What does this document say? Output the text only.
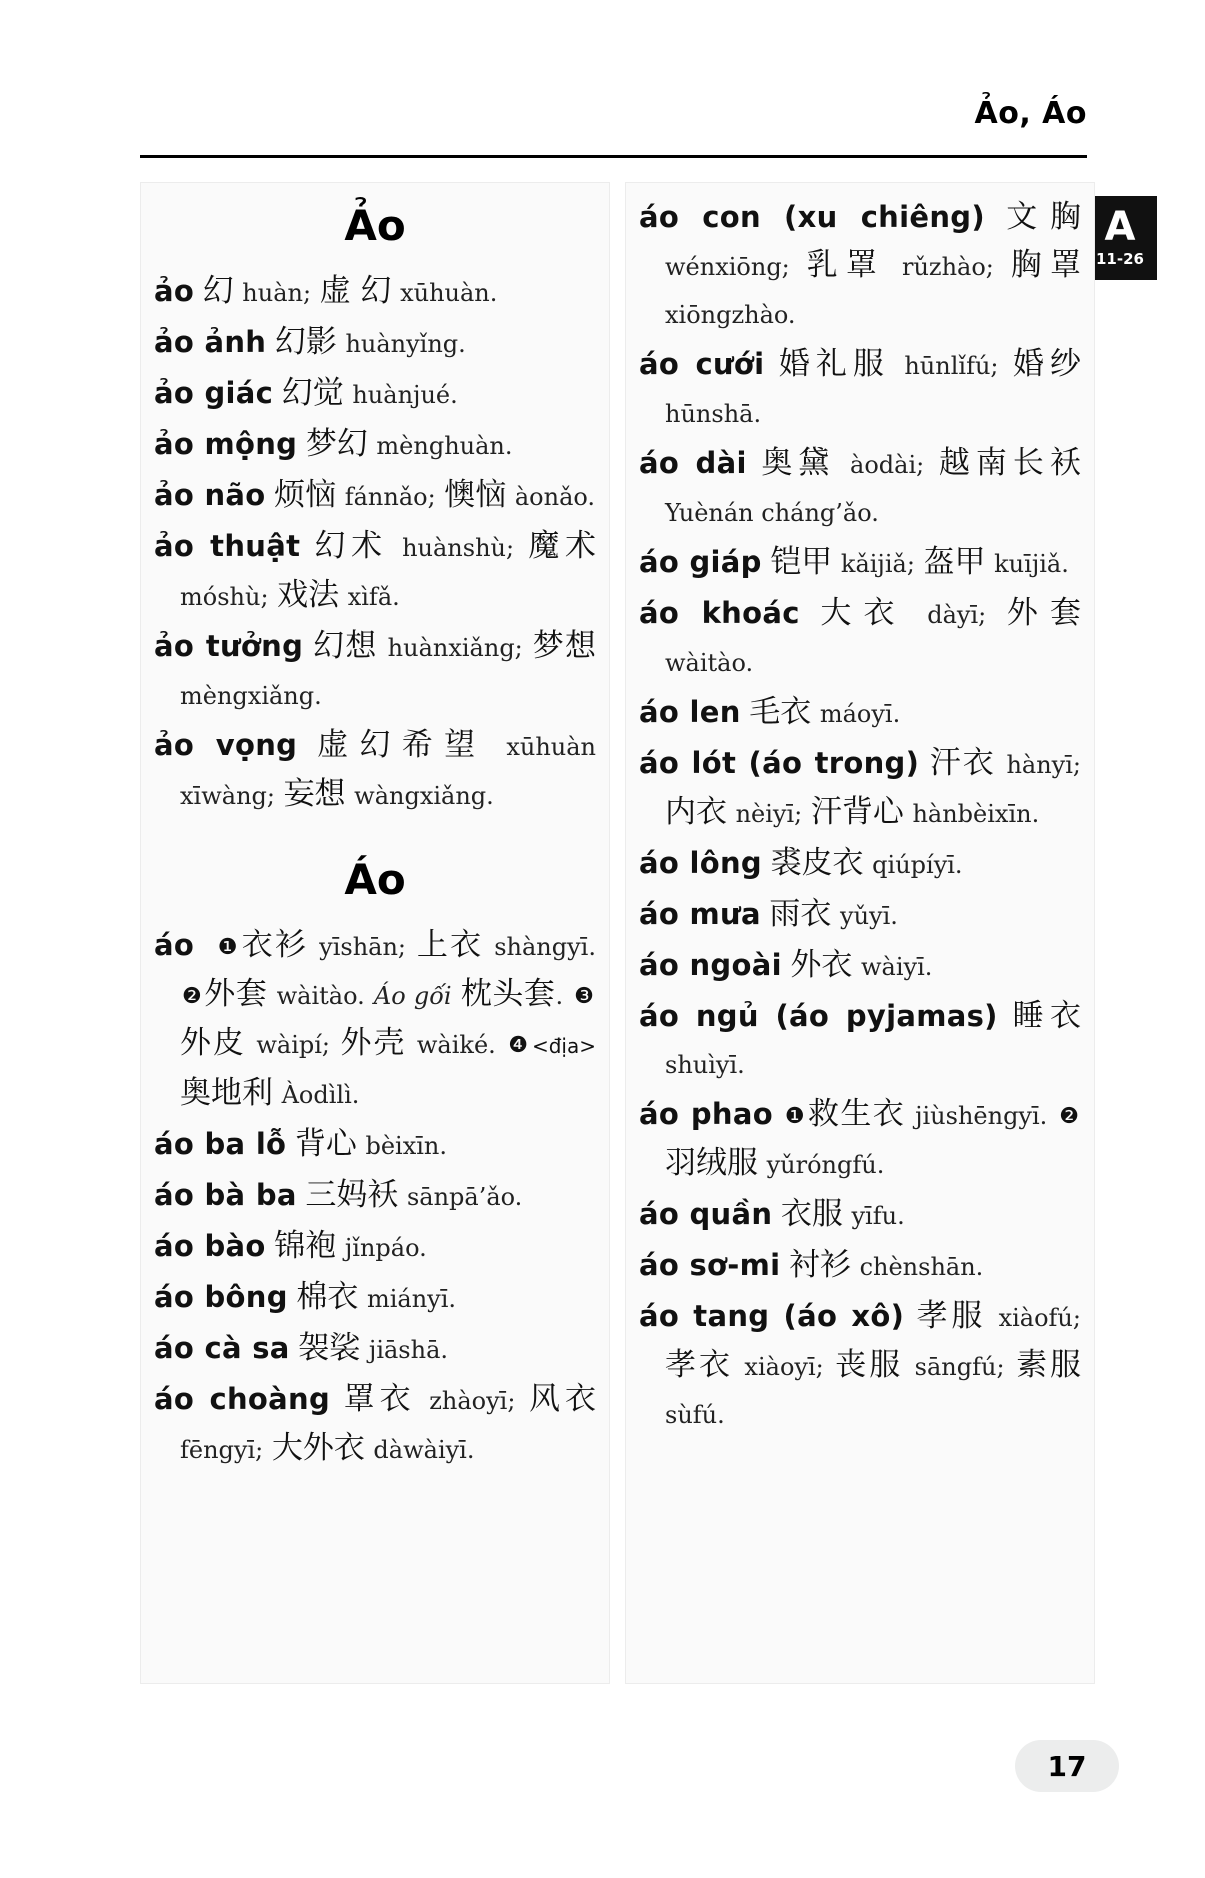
Ảo, Áo
A
11-26
Ảo
ảo 幻 huàn; 虚 幻 xūhuàn.
ảo ảnh 幻影 huànyǐng.
ảo giác 幻觉 huànjué.
ảo mộng 梦幻 mènghuàn.
ảo não 烦恼 fánnǎo; 懊恼 àonǎo.
ảo thuật 幻术 huànshù; 魔术 móshù; 戏法 xìfǎ.
ảo tưởng 幻想 huànxiǎng; 梦想 mèngxiǎng.
ảo vọng 虚幻希望 xūhuàn xīwàng; 妄想 wàngxiǎng.
Áo
áo ❶衣衫 yīshān; 上衣 shàngyī. ❷外套 wàitào. Áo gối 枕头套. ❸外皮 wàipí; 外壳 wàiké. ❹ <địa> 奥地利 Àodìlì.
áo ba lỗ 背心 bèixīn.
áo bà ba 三妈袄 sānpā’ǎo.
áo bào 锦袍 jǐnpáo.
áo bông 棉衣 miányī.
áo cà sa 袈裟 jiāshā.
áo choàng 罩衣 zhàoyī; 风衣 fēngyī; 大外衣 dàwàiyī.
áo con (xu chiêng) 文胸 wénxiōng; 乳罩 rǔzhào; 胸罩 xiōngzhào.
áo cưới 婚礼服 hūnlǐfú; 婚纱 hūnshā.
áo dài 奥黛 àodài; 越南长袄 Yuènán cháng’ǎo.
áo giáp 铠甲 kǎijiǎ; 盔甲 kuījiǎ.
áo khoác 大衣 dàyī; 外套 wàitào.
áo len 毛衣 máoyī.
áo lót (áo trong) 汗衣 hànyī; 内衣 nèiyī; 汗背心 hànbèixīn.
áo lông 裘皮衣 qiúpíyī.
áo mưa 雨衣 yǔyī.
áo ngoài 外衣 wàiyī.
áo ngủ (áo pyjamas) 睡衣 shuìyī.
áo phao ❶救生衣 jiùshēngyī. ❷羽绒服 yǔróngfú.
áo quần 衣服 yīfu.
áo sơ-mi 衬衫 chènshān.
áo tang (áo xô) 孝服 xiàofú; 孝衣 xiàoyī; 丧服 sāngfú; 素服 sùfú.
17
